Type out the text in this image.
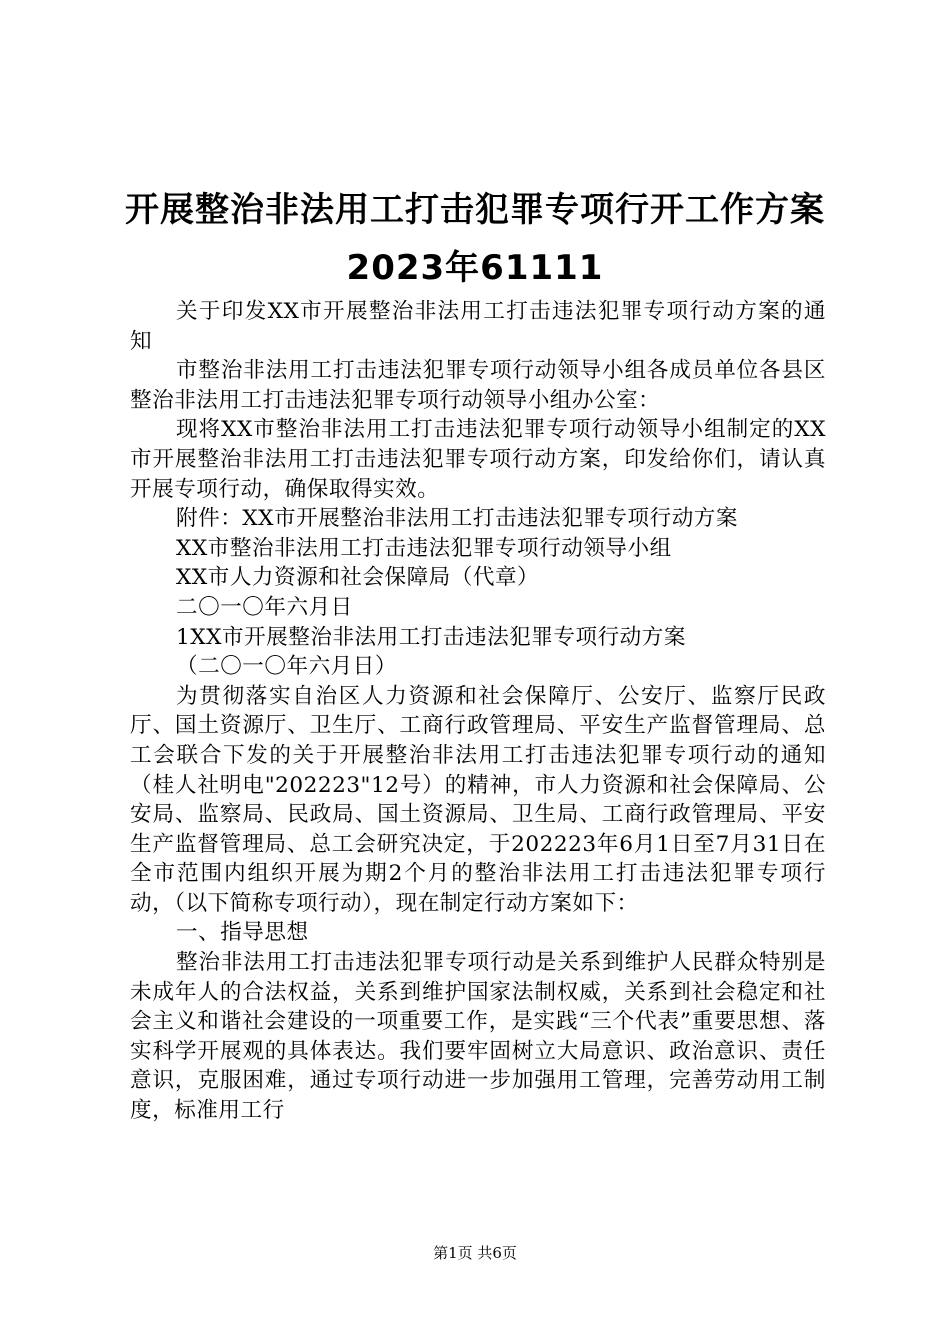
开展整治非法用工打击犯罪专项行开工作方案
2023年61111

关于印发XX市开展整治非法用工打击违法犯罪专项行动方案的通知

市整治非法用工打击违法犯罪专项行动领导小组各成员单位各县区整治非法用工打击违法犯罪专项行动领导小组办公室：

现将XX市整治非法用工打击违法犯罪专项行动领导小组制定的XX市开展整治非法用工打击违法犯罪专项行动方案，印发给你们，请认真开展专项行动，确保取得实效。

附件：XX市开展整治非法用工打击违法犯罪专项行动方案

XX市整治非法用工打击违法犯罪专项行动领导小组

XX市人力资源和社会保障局（代章）

二〇一〇年六月日

1XX市开展整治非法用工打击违法犯罪专项行动方案

（二〇一〇年六月日）

为贯彻落实自治区人力资源和社会保障厅、公安厅、监察厅民政厅、国土资源厅、卫生厅、工商行政管理局、平安生产监督管理局、总工会联合下发的关于开展整治非法用工打击违法犯罪专项行动的通知（桂人社明电"202223"12号）的精神，市人力资源和社会保障局、公安局、监察局、民政局、国土资源局、卫生局、工商行政管理局、平安生产监督管理局、总工会研究决定，于202223年6月1日至7月31日在全市范围内组织开展为期2个月的整治非法用工打击违法犯罪专项行动，（以下简称专项行动），现在制定行动方案如下：

一、指导思想

整治非法用工打击违法犯罪专项行动是关系到维护人民群众特别是未成年人的合法权益，关系到维护国家法制权威，关系到社会稳定和社会主义和谐社会建设的一项重要工作，是实践“三个代表”重要思想、落实科学开展观的具体表达。我们要牢固树立大局意识、政治意识、责任意识，克服困难，通过专项行动进一步加强用工管理，完善劳动用工制度，标准用工行

第1页 共6页
